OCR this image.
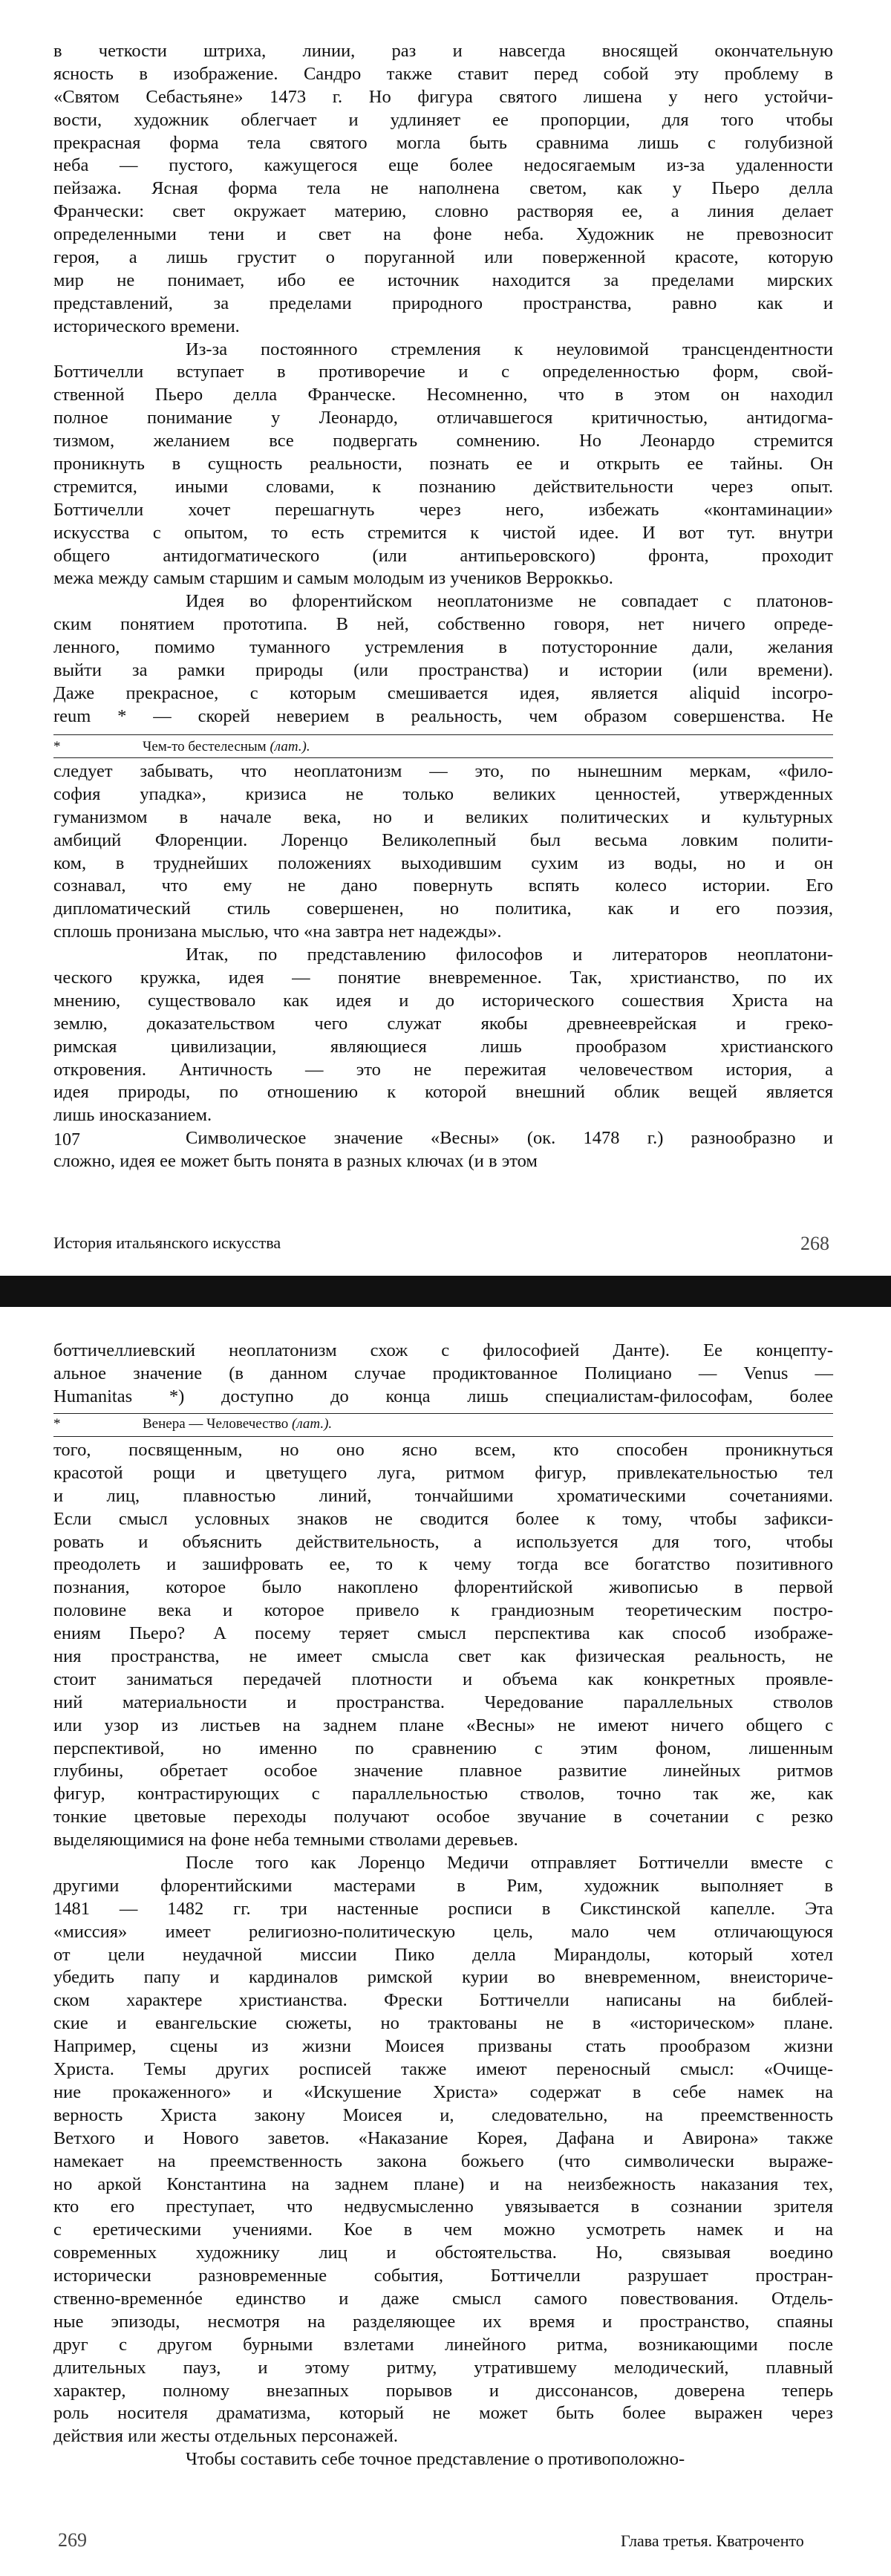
в четкости штриха, линии, раз и навсегда вносящей окончательную
ясность в изображение. Сандро также ставит перед собой эту проблему в
«Святом Себастьяне» 1473 г. Но фигура святого лишена у него устойчи-
вости, художник облегчает и удлиняет ее пропорции, для того чтобы
прекрасная форма тела святого могла быть сравнима лишь с голубизной
неба — пустого, кажущегося еще более недосягаемым из-за удаленности
пейзажа. Ясная форма тела не наполнена светом, как у Пьеро делла
Франчески: свет окружает материю, словно растворяя ее, а линия делает
определенными тени и свет на фоне неба. Художник не превозносит
героя, а лишь грустит о поруганной или поверженной красоте, которую
мир не понимает, ибо ее источник находится за пределами мирских
представлений, за пределами природного пространства, равно как и
исторического времени.
Из-за постоянного стремления к неуловимой трансцендентности
Боттичелли вступает в противоречие и с определенностью форм, свой-
ственной Пьеро делла Франческе. Несомненно, что в этом он находил
полное понимание у Леонардо, отличавшегося критичностью, антидогма-
тизмом, желанием все подвергать сомнению. Но Леонардо стремится
проникнуть в сущность реальности, познать ее и открыть ее тайны. Он
стремится, иными словами, к познанию действительности через опыт.
Боттичелли хочет перешагнуть через него, избежать «контаминации»
искусства с опытом, то есть стремится к чистой идее. И вот тут. внутри
общего антидогматического (или антипьеровского) фронта, проходит
межа между самым старшим и самым молодым из учеников Верроккьо.
Идея во флорентийском неоплатонизме не совпадает с платонов-
ским понятием прототипа. В ней, собственно говоря, нет ничего опреде-
ленного, помимо туманного устремления в потусторонние дали, желания
выйти за рамки природы (или пространства) и истории (или времени).
Даже прекрасное, с которым смешивается идея, является aliquid incorpo-
reum * — скорей неверием в реальность, чем образом совершенства. Не
*	Чем-то бестелесным (лат.).
следует забывать, что неоплатонизм — это, по нынешним меркам, «фило-
софия упадка», кризиса не только великих ценностей, утвержденных
гуманизмом в начале века, но и великих политических и культурных
амбиций Флоренции. Лоренцо Великолепный был весьма ловким полити-
ком, в труднейших положениях выходившим сухим из воды, но и он
сознавал, что ему не дано повернуть вспять колесо истории. Его
дипломатический стиль совершенен, но политика, как и его поэзия,
сплошь пронизана мыслью, что «на завтра нет надежды».
Итак, по представлению философов и литераторов неоплатони-
ческого кружка, идея — понятие вневременное. Так, христианство, по их
мнению, существовало как идея и до исторического сошествия Христа на
землю, доказательством чего служат якобы древнееврейская и греко-
римская цивилизации, являющиеся лишь прообразом христианского
откровения. Античность — это не пережитая человечеством история, а
идея природы, по отношению к которой внешний облик вещей является
лишь иносказанием.
Символическое значение «Весны» (ок. 1478 г.) разнообразно и
сложно, идея ее может быть понята в разных ключах (и в этом
107
История итальянского искусства	268
боттичеллиевский неоплатонизм схож с философией Данте). Ее концепту-
альное значение (в данном случае продиктованное Полициано — Venus —
Humanitas *) доступно до конца лишь специалистам-философам, более
*	Венера — Человечество (лат.).
того, посвященным, но оно ясно всем, кто способен проникнуться
красотой рощи и цветущего луга, ритмом фигур, привлекательностью тел
и лиц, плавностью линий, тончайшими хроматическими сочетаниями.
Если смысл условных знаков не сводится более к тому, чтобы зафикси-
ровать и объяснить действительность, а используется для того, чтобы
преодолеть и зашифровать ее, то к чему тогда все богатство позитивного
познания, которое было накоплено флорентийской живописью в первой
половине века и которое привело к грандиозным теоретическим постро-
ениям Пьеро? А посему теряет смысл перспектива как способ изображе-
ния пространства, не имеет смысла свет как физическая реальность, не
стоит заниматься передачей плотности и объема как конкретных проявле-
ний материальности и пространства. Чередование параллельных стволов
или узор из листьев на заднем плане «Весны» не имеют ничего общего с
перспективой, но именно по сравнению с этим фоном, лишенным
глубины, обретает особое значение плавное развитие линейных ритмов
фигур, контрастирующих с параллельностью стволов, точно так же, как
тонкие цветовые переходы получают особое звучание в сочетании с резко
выделяющимися на фоне неба темными стволами деревьев.
После того как Лоренцо Медичи отправляет Боттичелли вместе с
другими флорентийскими мастерами в Рим, художник выполняет в
1481 — 1482 гг. три настенные росписи в Сикстинской капелле. Эта
«миссия» имеет религиозно-политическую цель, мало чем отличающуюся
от цели неудачной миссии Пико делла Мирандолы, который хотел
убедить папу и кардиналов римской курии во вневременном, внеисториче-
ском характере христианства. Фрески Боттичелли написаны на библей-
ские и евангельские сюжеты, но трактованы не в «историческом» плане.
Например, сцены из жизни Моисея призваны стать прообразом жизни
Христа. Темы других росписей также имеют переносный смысл: «Очище-
ние прокаженного» и «Искушение Христа» содержат в себе намек на
верность Христа закону Моисея и, следовательно, на преемственность
Ветхого и Нового заветов. «Наказание Корея, Дафана и Авирона» также
намекает на преемственность закона божьего (что символически выраже-
но аркой Константина на заднем плане) и на неизбежность наказания тех,
кто его преступает, что недвусмысленно увязывается в сознании зрителя
с еретическими учениями. Кое в чем можно усмотреть намек и на
современных художнику лиц и обстоятельства. Но, связывая воедино
исторически разновременные события, Боттичелли разрушает простран-
ственно-временнóе единство и даже смысл самого повествования. Отдель-
ные эпизоды, несмотря на разделяющее их время и пространство, спаяны
друг с другом бурными взлетами линейного ритма, возникающими после
длительных пауз, и этому ритму, утратившему мелодический, плавный
характер, полному внезапных порывов и диссонансов, доверена теперь
роль носителя драматизма, который не может быть более выражен через
действия или жесты отдельных персонажей.
Чтобы составить себе точное представление о противоположно-
269	Глава третья. Кватроченто
